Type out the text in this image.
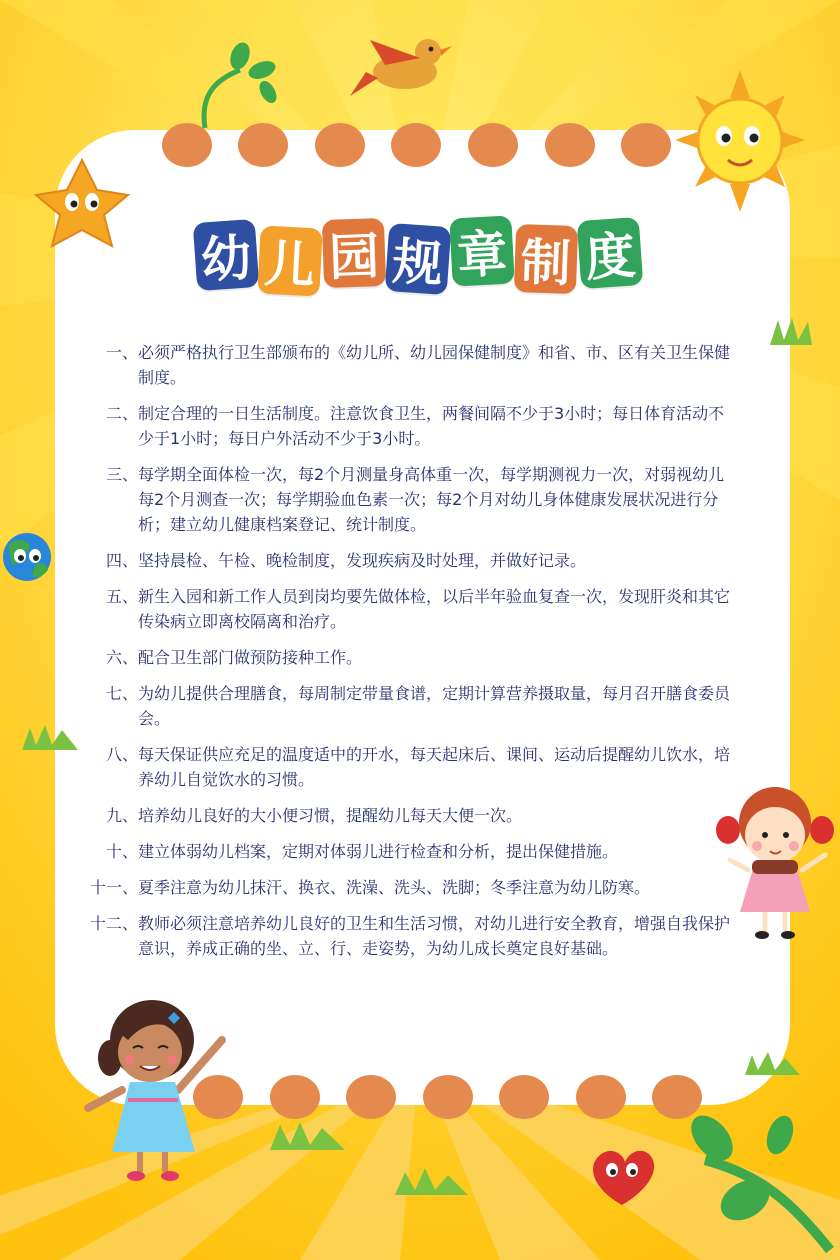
幼 儿 园 规 章 制 度
一、 必须严格执行卫生部颁布的《幼儿所、幼儿园保健制度》和省、市、区有关卫生保健制度。
二、 制定合理的一日生活制度。注意饮食卫生，两餐间隔不少于3小时；每日体育活动不少于1小时；每日户外活动不少于3小时。
三、 每学期全面体检一次，每2个月测量身高体重一次，每学期测视力一次，对弱视幼儿每2个月测查一次；每学期验血色素一次；每2个月对幼儿身体健康发展状况进行分析；建立幼儿健康档案登记、统计制度。
四、 坚持晨检、午检、晚检制度，发现疾病及时处理，并做好记录。
五、 新生入园和新工作人员到岗均要先做体检，以后半年验血复查一次，发现肝炎和其它传染病立即离校隔离和治疗。
六、 配合卫生部门做预防接种工作。
七、 为幼儿提供合理膳食，每周制定带量食谱，定期计算营养摄取量，每月召开膳食委员会。
八、 每天保证供应充足的温度适中的开水，每天起床后、课间、运动后提醒幼儿饮水，培养幼儿自觉饮水的习惯。
九、 培养幼儿良好的大小便习惯，提醒幼儿每天大便一次。
十、 建立体弱幼儿档案，定期对体弱儿进行检查和分析，提出保健措施。
十一、 夏季注意为幼儿抹汗、换衣、洗澡、洗头、洗脚；冬季注意为幼儿防寒。
十二、 教师必须注意培养幼儿良好的卫生和生活习惯，对幼儿进行安全教育，增强自我保护意识，养成正确的坐、立、行、走姿势，为幼儿成长奠定良好基础。
